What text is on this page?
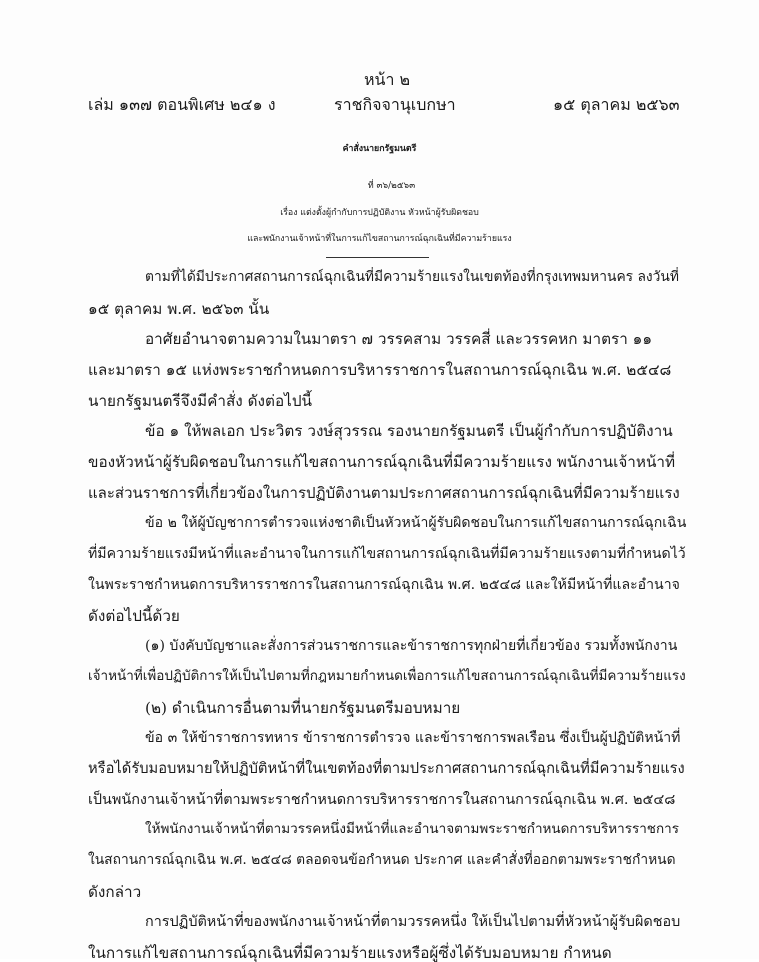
หน้า ๒
เล่ม ๑๓๗ ตอนพิเศษ ๒๔๑ ง	ราชกิจจานุเบกษา	๑๕ ตุลาคม ๒๕๖๓
คำสั่งนายกรัฐมนตรี
ที่ ๓๖/๒๕๖๓
เรื่อง แต่งตั้งผู้กำกับการปฏิบัติงาน หัวหน้าผู้รับผิดชอบ
และพนักงานเจ้าหน้าที่ในการแก้ไขสถานการณ์ฉุกเฉินที่มีความร้ายแรง
ตามที่ได้มีประกาศสถานการณ์ฉุกเฉินที่มีความร้ายแรงในเขตท้องที่กรุงเทพมหานคร ลงวันที่
๑๕ ตุลาคม พ.ศ. ๒๕๖๓ นั้น
อาศัยอำนาจตามความในมาตรา ๗ วรรคสาม วรรคสี่ และวรรคหก มาตรา ๑๑
และมาตรา ๑๕ แห่งพระราชกำหนดการบริหารราชการในสถานการณ์ฉุกเฉิน พ.ศ. ๒๕๔๘
นายกรัฐมนตรีจึงมีคำสั่ง ดังต่อไปนี้
ข้อ ๑ ให้พลเอก ประวิตร วงษ์สุวรรณ รองนายกรัฐมนตรี เป็นผู้กำกับการปฏิบัติงาน
ของหัวหน้าผู้รับผิดชอบในการแก้ไขสถานการณ์ฉุกเฉินที่มีความร้ายแรง พนักงานเจ้าหน้าที่
และส่วนราชการที่เกี่ยวข้องในการปฏิบัติงานตามประกาศสถานการณ์ฉุกเฉินที่มีความร้ายแรง
ข้อ ๒ ให้ผู้บัญชาการตำรวจแห่งชาติเป็นหัวหน้าผู้รับผิดชอบในการแก้ไขสถานการณ์ฉุกเฉิน
ที่มีความร้ายแรงมีหน้าที่และอำนาจในการแก้ไขสถานการณ์ฉุกเฉินที่มีความร้ายแรงตามที่กำหนดไว้
ในพระราชกำหนดการบริหารราชการในสถานการณ์ฉุกเฉิน พ.ศ. ๒๕๔๘ และให้มีหน้าที่และอำนาจ
ดังต่อไปนี้ด้วย
(๑) บังคับบัญชาและสั่งการส่วนราชการและข้าราชการทุกฝ่ายที่เกี่ยวข้อง รวมทั้งพนักงาน
เจ้าหน้าที่เพื่อปฏิบัติการให้เป็นไปตามที่กฎหมายกำหนดเพื่อการแก้ไขสถานการณ์ฉุกเฉินที่มีความร้ายแรง
(๒) ดำเนินการอื่นตามที่นายกรัฐมนตรีมอบหมาย
ข้อ ๓ ให้ข้าราชการทหาร ข้าราชการตำรวจ และข้าราชการพลเรือน ซึ่งเป็นผู้ปฏิบัติหน้าที่
หรือได้รับมอบหมายให้ปฏิบัติหน้าที่ในเขตท้องที่ตามประกาศสถานการณ์ฉุกเฉินที่มีความร้ายแรง
เป็นพนักงานเจ้าหน้าที่ตามพระราชกำหนดการบริหารราชการในสถานการณ์ฉุกเฉิน พ.ศ. ๒๕๔๘
ให้พนักงานเจ้าหน้าที่ตามวรรคหนึ่งมีหน้าที่และอำนาจตามพระราชกำหนดการบริหารราชการ
ในสถานการณ์ฉุกเฉิน พ.ศ. ๒๕๔๘ ตลอดจนข้อกำหนด ประกาศ และคำสั่งที่ออกตามพระราชกำหนด
ดังกล่าว
การปฏิบัติหน้าที่ของพนักงานเจ้าหน้าที่ตามวรรคหนึ่ง ให้เป็นไปตามที่หัวหน้าผู้รับผิดชอบ
ในการแก้ไขสถานการณ์ฉุกเฉินที่มีความร้ายแรงหรือผู้ซึ่งได้รับมอบหมาย กำหนด
